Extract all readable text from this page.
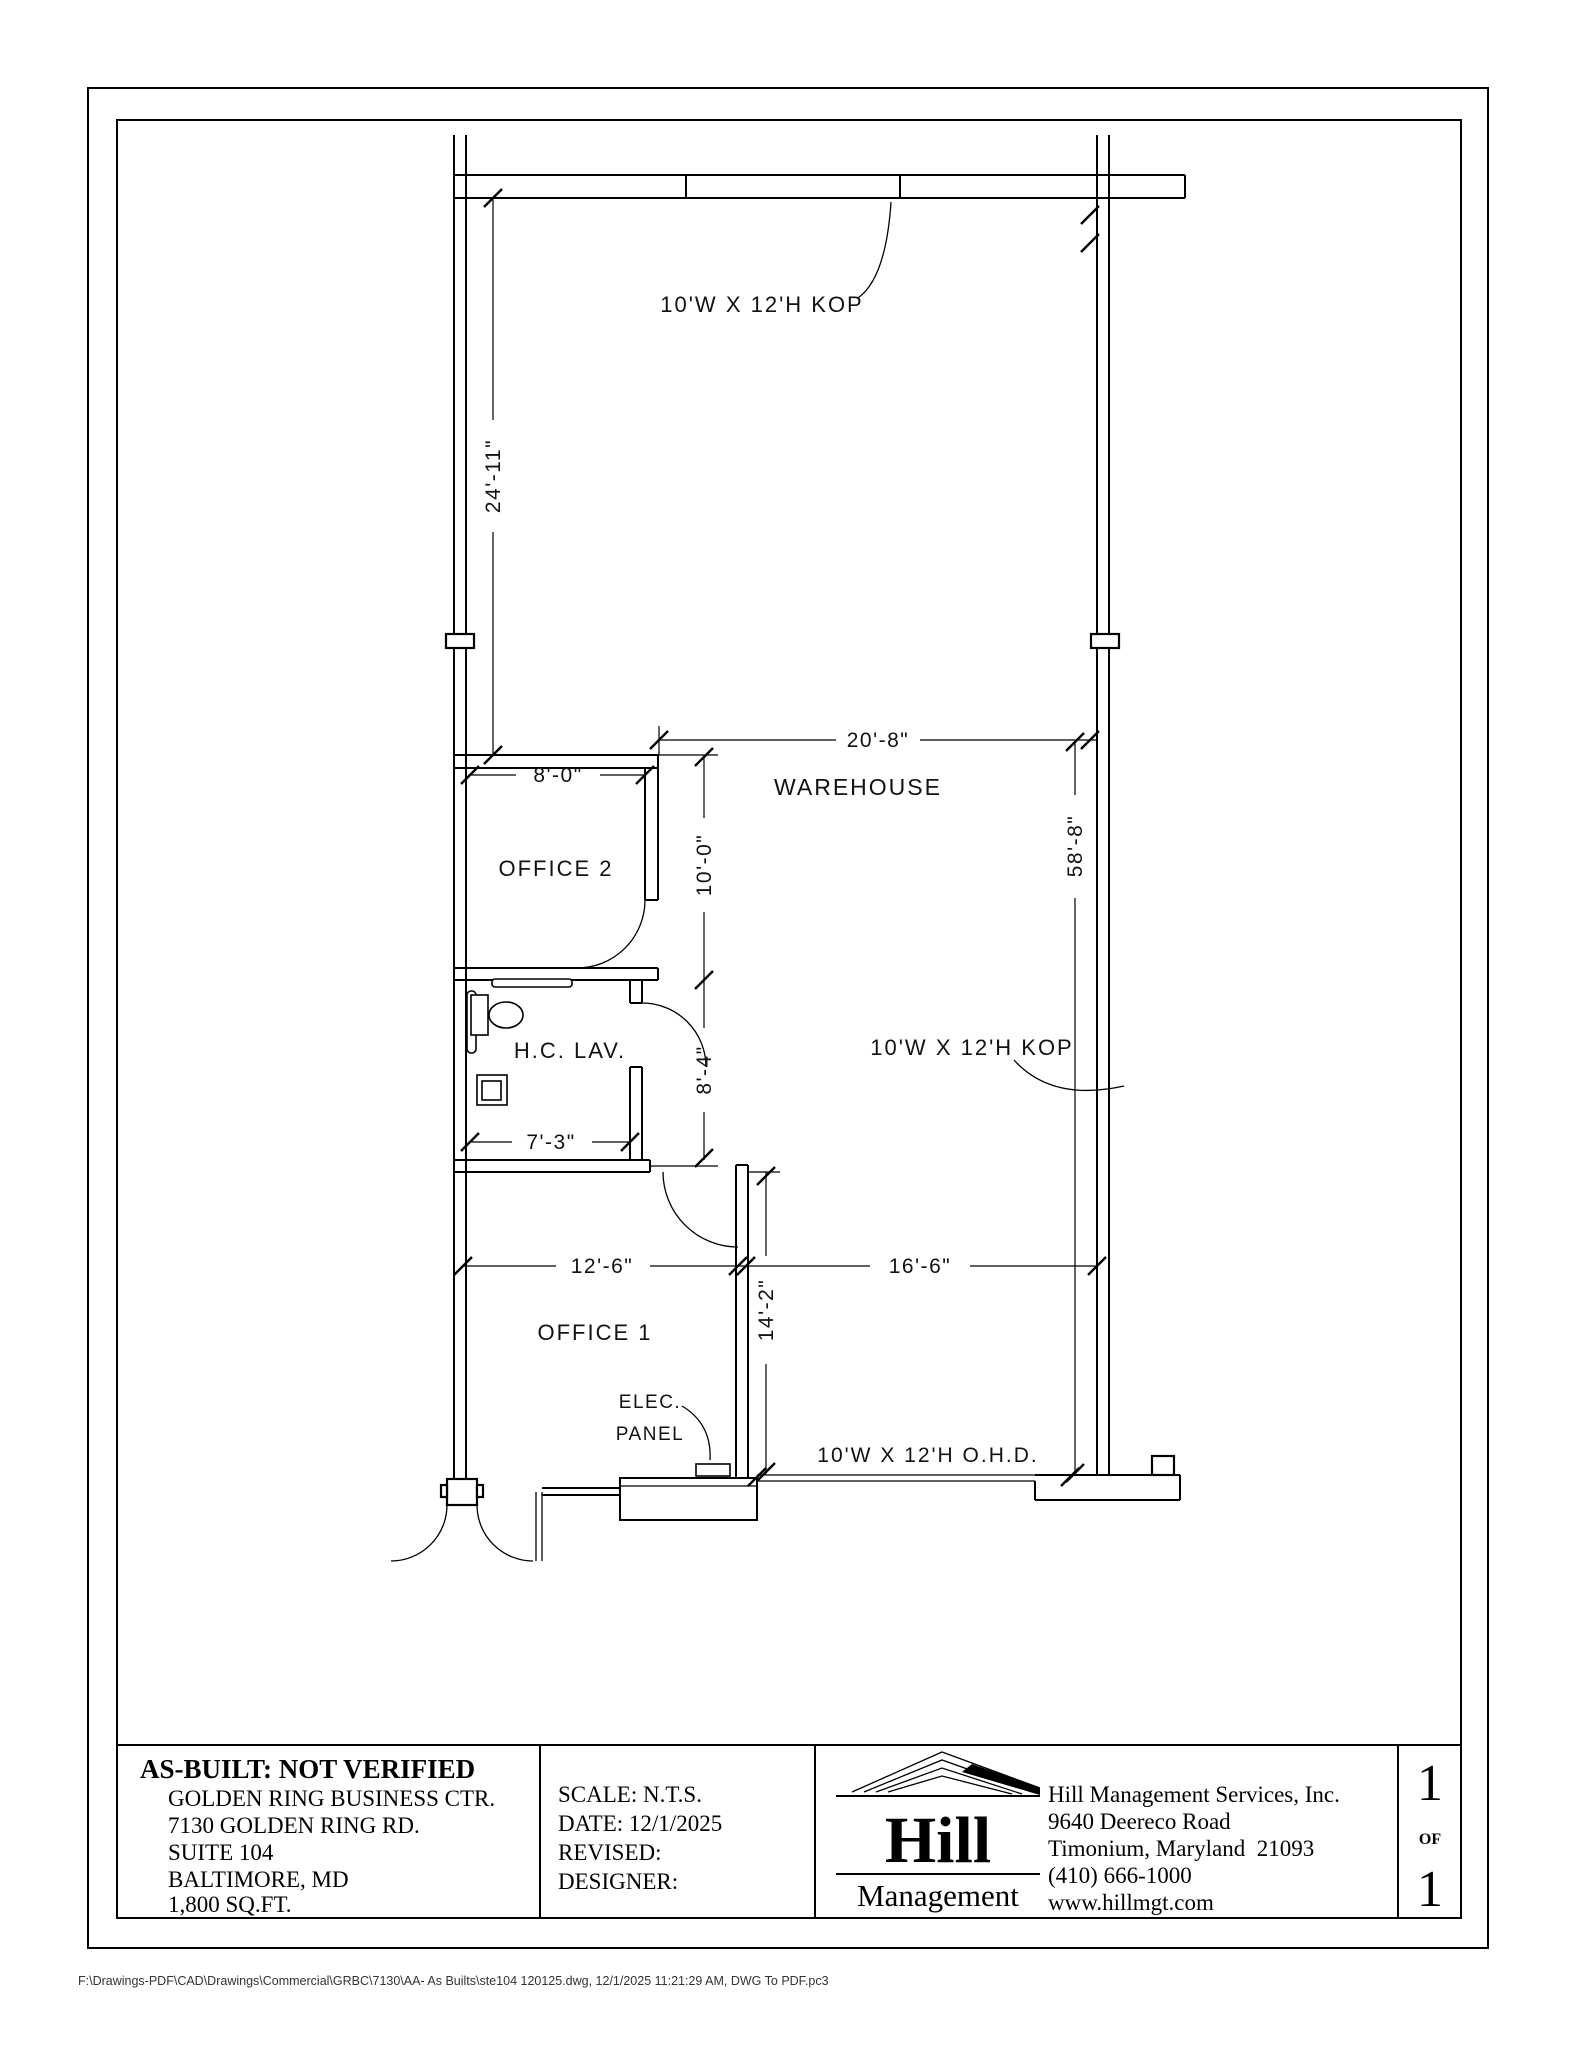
10'W X 12'H KOP
WAREHOUSE
OFFICE 2
H.C. LAV.	10'W X 12'H KOP
OFFICE 1
ELEC.
PANEL
10'W X 12'H O.H.D.
24'-11"
20'-8"
8'-0"
10'-0"	58'-8"
8'-4"
7'-3"
12'-6"	16'-6"
14'-2"
AS-BUILT: NOT VERIFIED
GOLDEN RING BUSINESS CTR.
7130 GOLDEN RING RD.
SUITE 104
BALTIMORE, MD
1,800 SQ.FT.
SCALE: N.T.S.
DATE: 12/1/2025
REVISED:
DESIGNER:
Hill
Management
Hill Management Services, Inc.
9640 Deereco Road
Timonium, Maryland  21093
(410) 666-1000
www.hillmgt.com
1
OF
1
F:\Drawings-PDF\CAD\Drawings\Commercial\GRBC\7130\AA- As Builts\ste104 120125.dwg, 12/1/2025 11:21:29 AM, DWG To PDF.pc3
